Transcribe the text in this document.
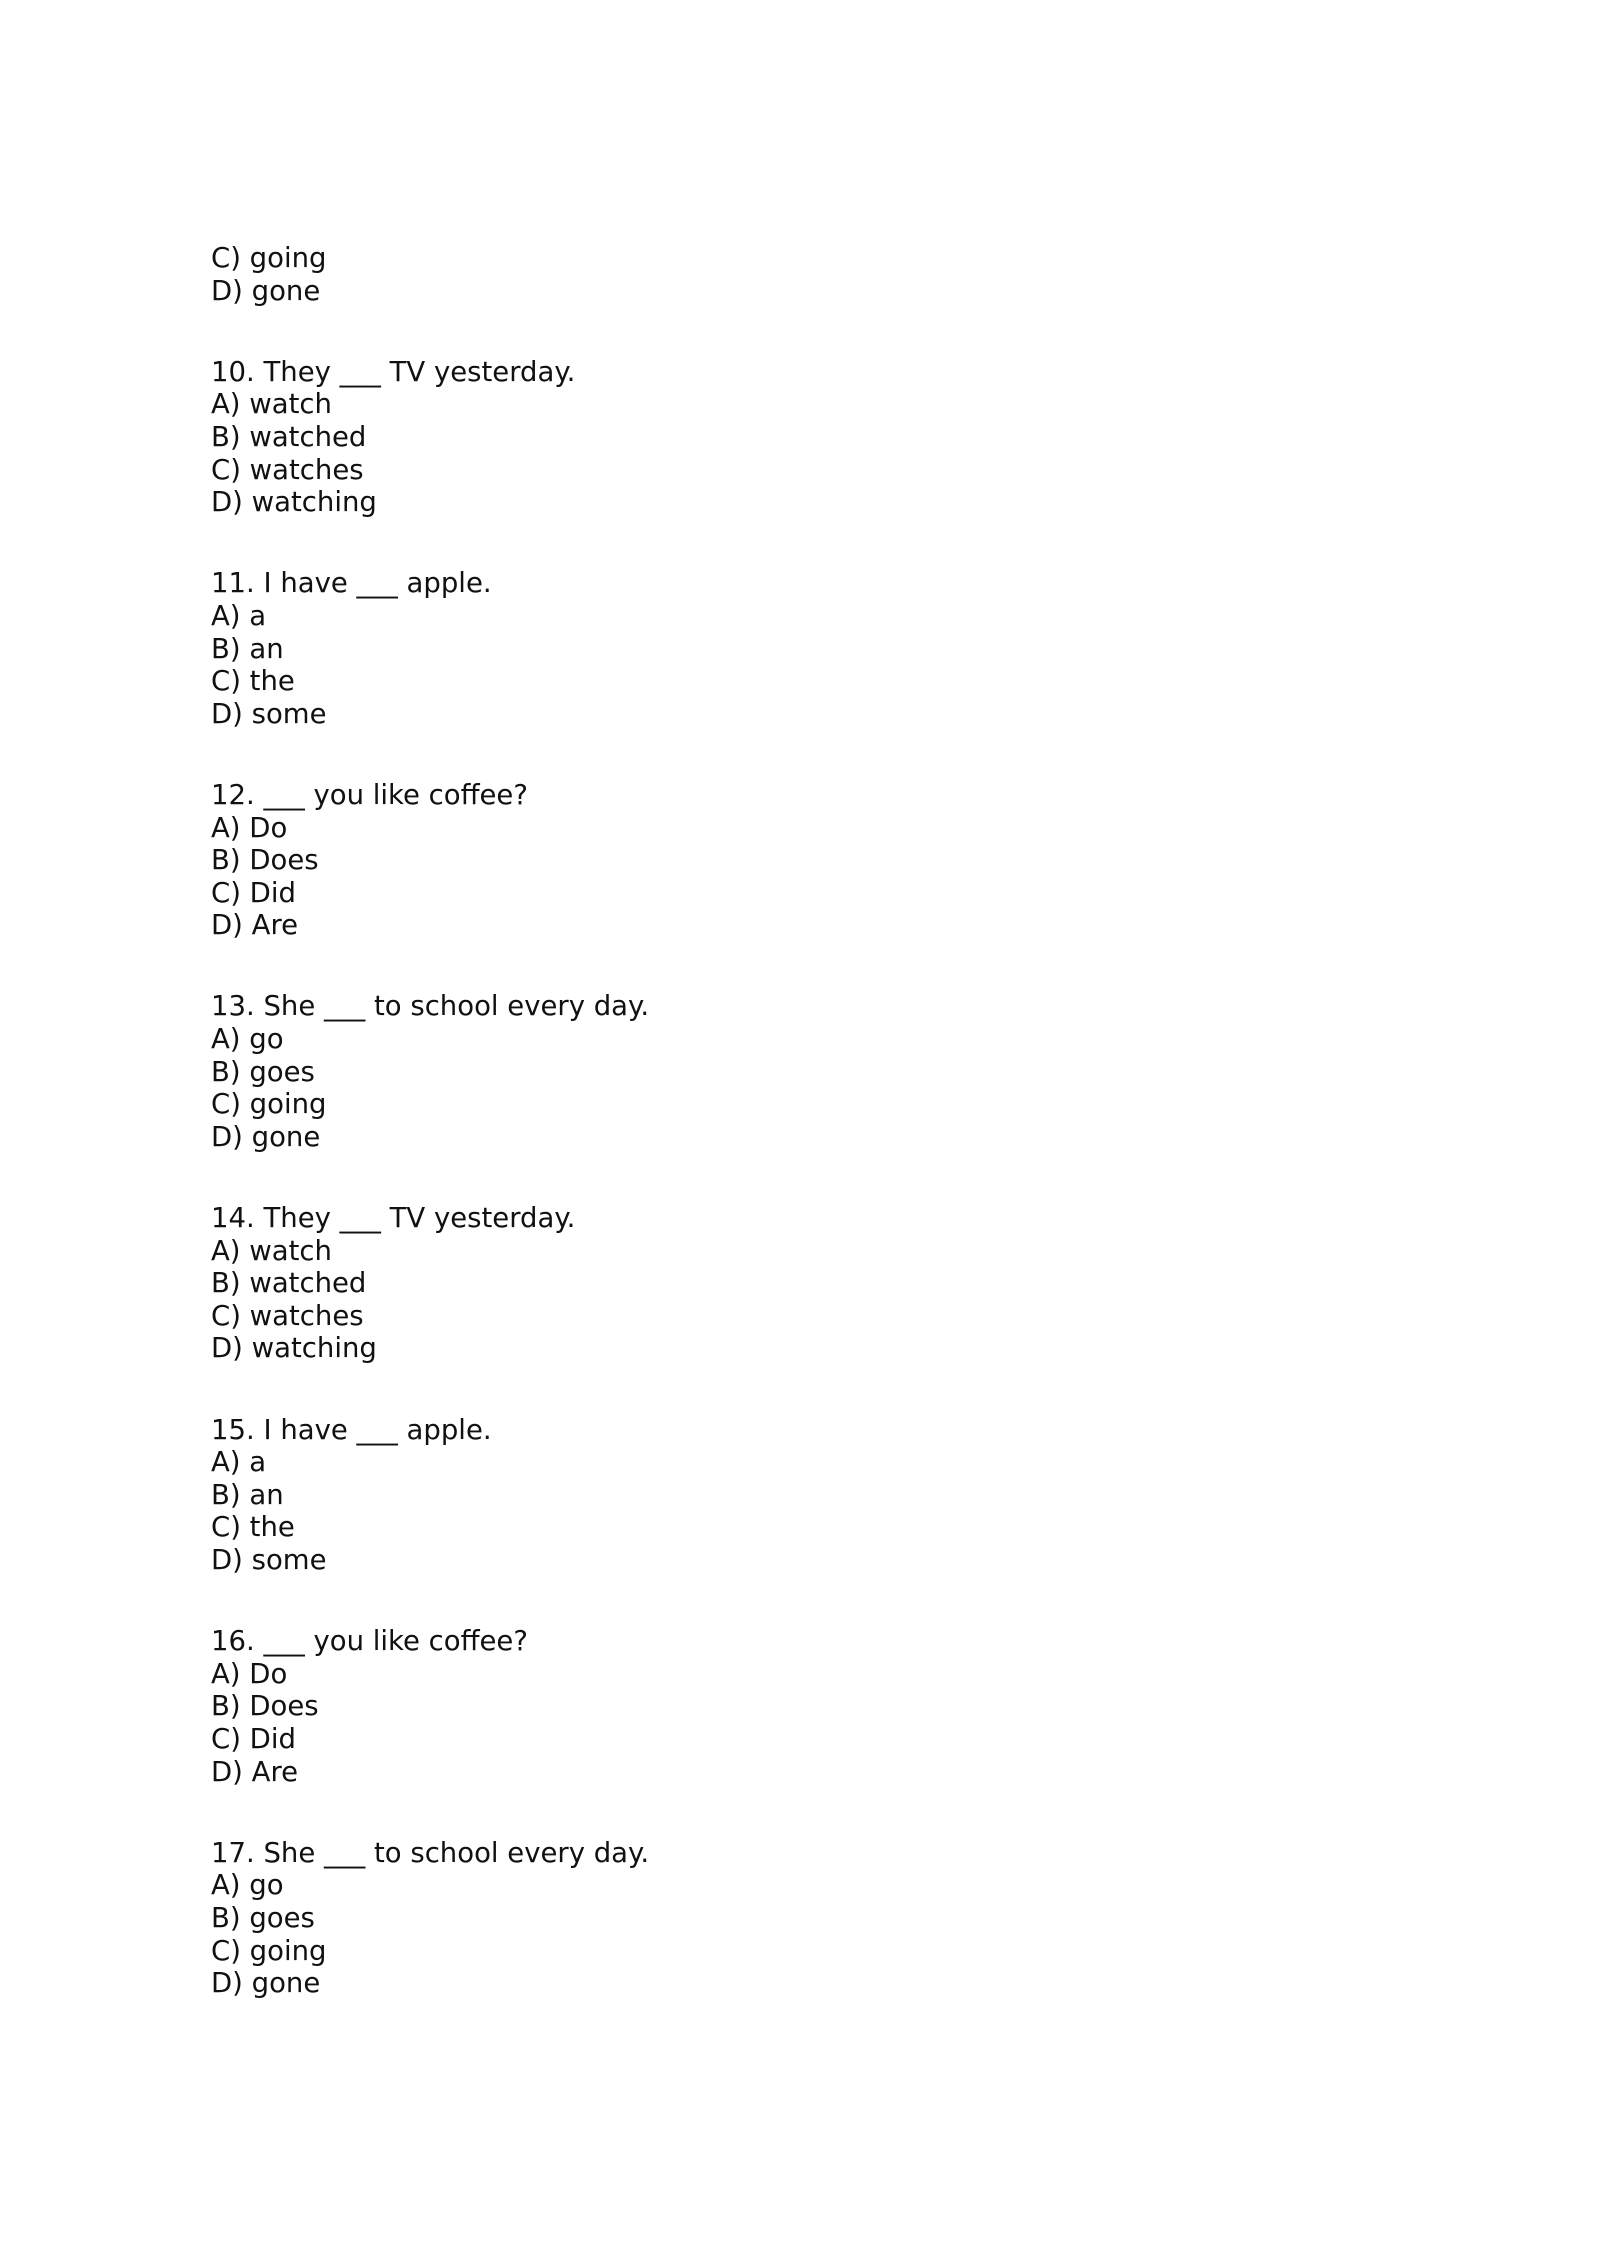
C) going

D) gone

10. They ___ TV yesterday.

A) watch

B) watched

C) watches

D) watching

11. I have ___ apple.

A) a

B) an

C) the

D) some

12. ___ you like coffee?

A) Do

B) Does

C) Did

D) Are

13. She ___ to school every day.

A) go

B) goes

C) going

D) gone

14. They ___ TV yesterday.

A) watch

B) watched

C) watches

D) watching

15. I have ___ apple.

A) a

B) an

C) the

D) some

16. ___ you like coffee?

A) Do

B) Does

C) Did

D) Are

17. She ___ to school every day.

A) go

B) goes

C) going

D) gone
